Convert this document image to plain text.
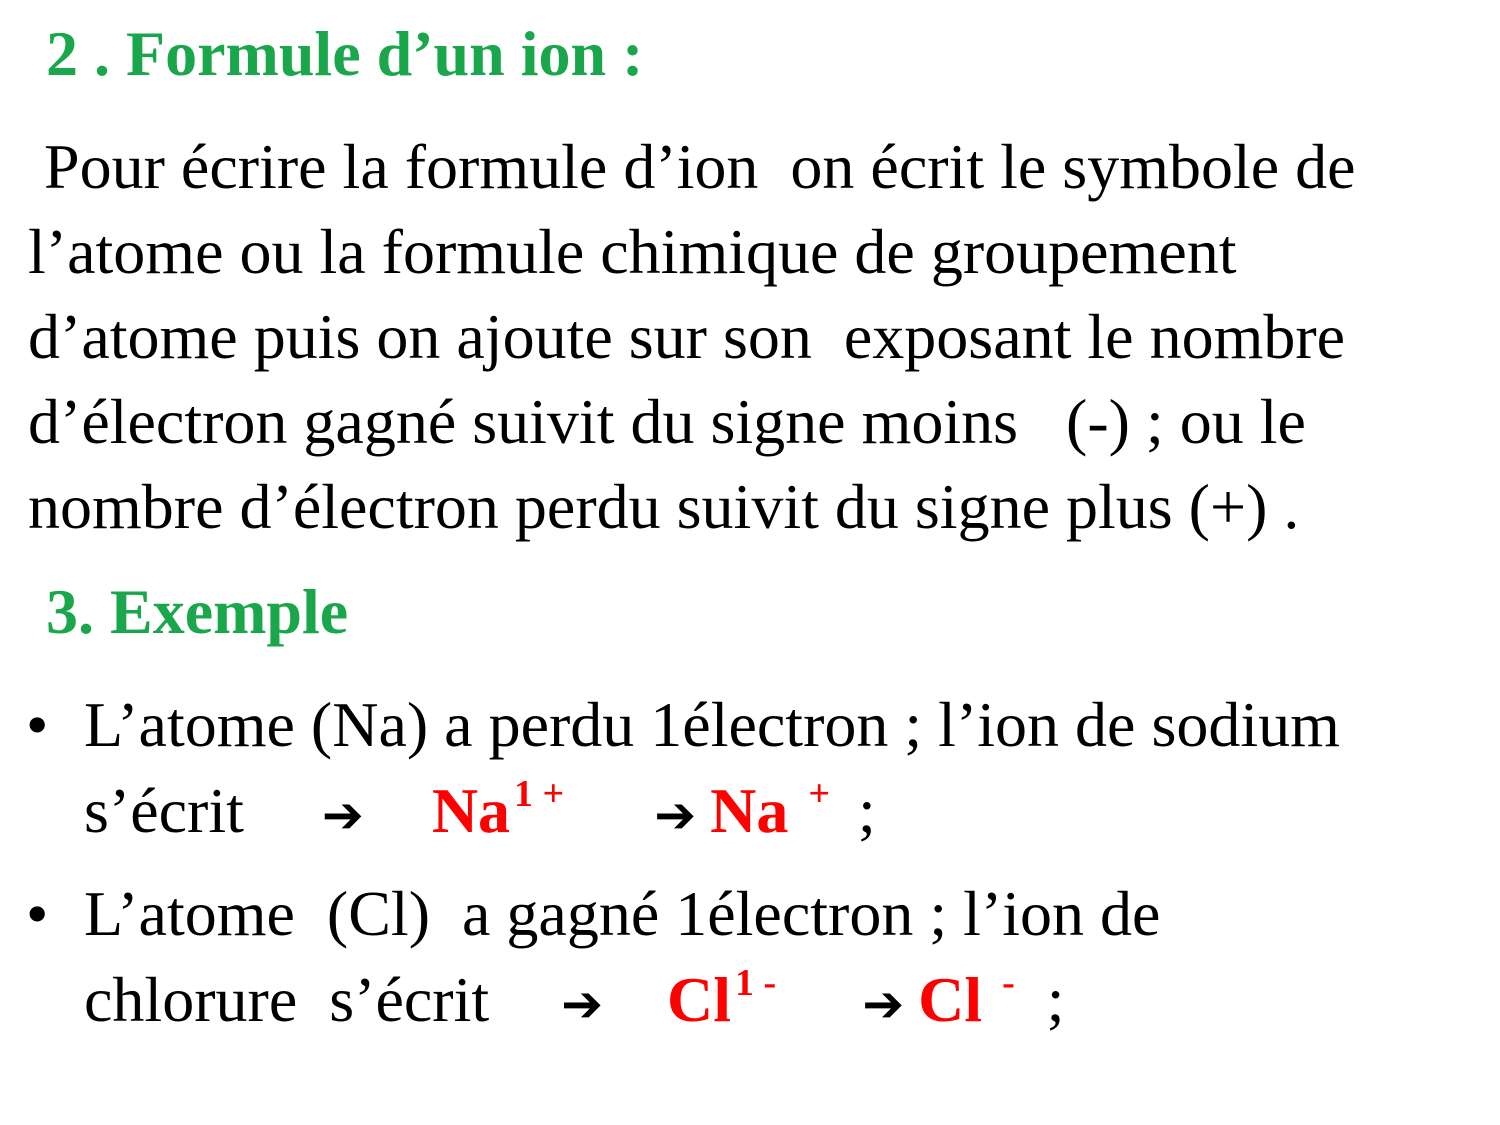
2 . Formule d’un ion :

Pour écrire la formule d’ion  on écrit le symbole de
l’atome ou la formule chimique de groupement
d’atome puis on ajoute sur son  exposant le nombre
d’électron gagné suivit du signe moins   (-) ; ou le
nombre d’électron perdu suivit du signe plus (+) .

3. Exemple
• L’atome (Na) a perdu 1électron ; l’ion de sodium
s’écrit ➔ Na $^{1 +}$ ➔ Na + ;
• L’atome  (Cl)  a gagné 1électron ; l’ion de
chlorure  s’écrit ➔ Cl $^{1 -}$ ➔ Cl - ;
